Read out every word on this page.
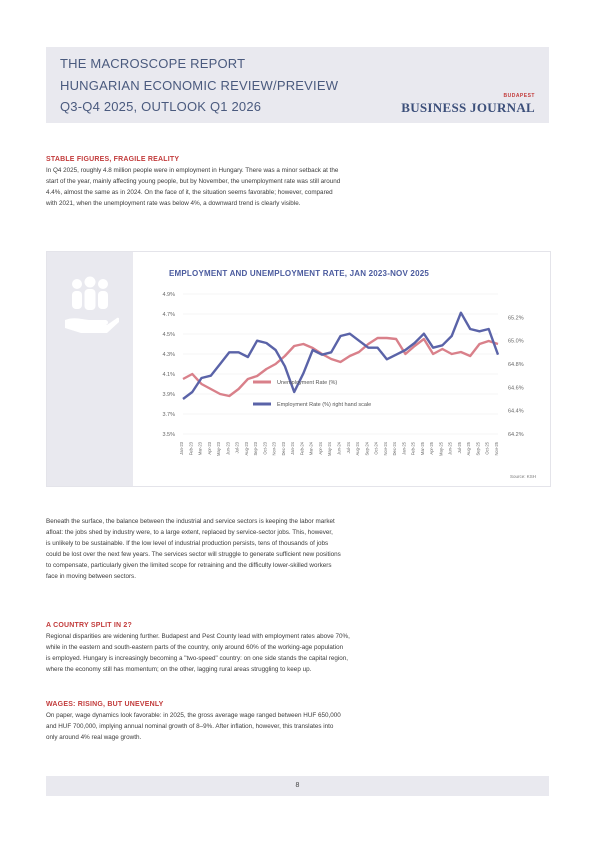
THE MACROSCOPE REPORT
HUNGARIAN ECONOMIC REVIEW/PREVIEW
Q3-Q4 2025, OUTLOOK Q1 2026
BUDAPEST
BUSINESS JOURNAL
STABLE FIGURES, FRAGILE REALITY

In Q4 2025, roughly 4.8 million people were in employment in Hungary. There was a minor setback at the

start of the year, mainly affecting young people, but by November, the unemployment rate was still around

4.4%, almost the same as in 2024. On the face of it, the situation seems favorable; however, compared

with 2021, when the unemployment rate was below 4%, a downward trend is clearly visible.

EMPLOYMENT AND UNEMPLOYMENT RATE, JAN 2023-NOV 2025
4.9%
4.7%
4.5%
4.3%
4.1%
3.9%
3.7%
3.5%
65.2%
65.0%
64.8%
64.6%
64.4%
64.2%
Jan-23 Feb-23 Mar-23 Apr-23 May-23 Jun-23 Jul-23 Aug-23 Sep-23 Oct-23 Nov-23 Dec-23 Jan-24 Feb-24 Mar-24 Apr-24 May-24 Jun-24 Jul-24 Aug-24 Sep-24 Oct-24 Nov-24 Dec-24 Jan-25 Feb-25 Mar-25 Apr-25 May-25 Jun-25 Jul-25 Aug-25 Sep-25 Oct-25 Nov-25
Unemployment Rate (%)
Employment Rate (%) right hand scale
Source: KSH

Beneath the surface, the balance between the industrial and service sectors is keeping the labor market

afloat: the jobs shed by industry were, to a large extent, replaced by service-sector jobs. This, however,

is unlikely to be sustainable. If the low level of industrial production persists, tens of thousands of jobs

could be lost over the next few years. The services sector will struggle to generate sufficient new positions

to compensate, particularly given the limited scope for retraining and the difficulty lower-skilled workers

face in moving between sectors.

A COUNTRY SPLIT IN 2?

Regional disparities are widening further. Budapest and Pest County lead with employment rates above 70%,

while in the eastern and south-eastern parts of the country, only around 60% of the working-age population

is employed. Hungary is increasingly becoming a "two-speed" country: on one side stands the capital region,

where the economy still has momentum; on the other, lagging rural areas struggling to keep up.

WAGES: RISING, BUT UNEVENLY

On paper, wage dynamics look favorable: in 2025, the gross average wage ranged between HUF 650,000

and HUF 700,000, implying annual nominal growth of 8–9%. After inflation, however, this translates into

only around 4% real wage growth.

8
